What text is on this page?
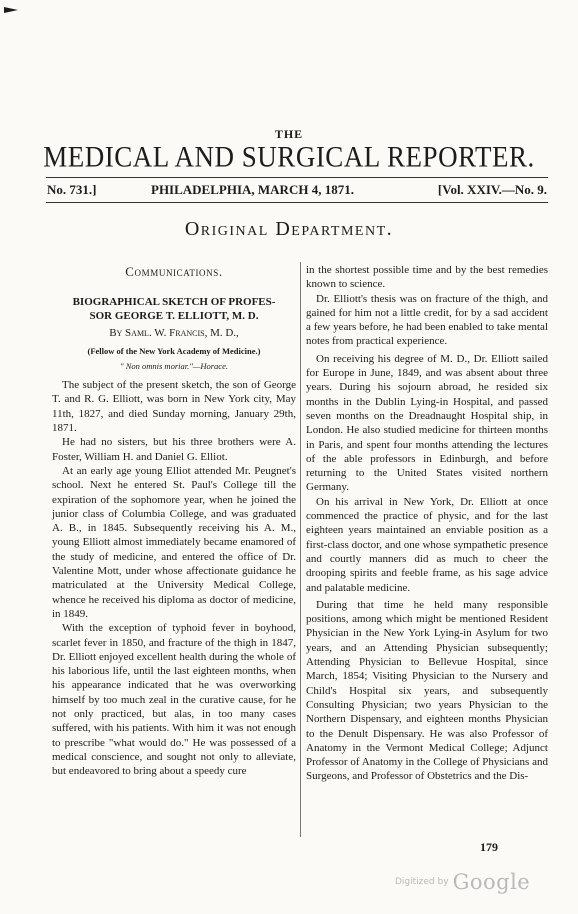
THE
MEDICAL AND SURGICAL REPORTER.
No. 731.]	PHILADELPHIA, MARCH 4, 1871.	[Vol. XXIV.—No. 9.
Original Department.
Communications.
BIOGRAPHICAL SKETCH OF PROFES-
SOR GEORGE T. ELLIOTT, M. D.
By Saml. W. Francis, M. D.,
(Fellow of the New York Academy of Medicine.)
" Non omnis moriar."—Horace.

The subject of the present sketch, the son of George T. and R. G. Elliott, was born in New York city, May 11th, 1827, and died Sunday morning, January 29th, 1871.

He had no sisters, but his three brothers were A. Foster, William H. and Daniel G. Elliot.

At an early age young Elliot attended Mr. Peugnet's school. Next he entered St. Paul's College till the expiration of the sophomore year, when he joined the junior class of Columbia College, and was graduated A. B., in 1845. Subsequently receiving his A. M., young Elliott almost immediately became enamored of the study of medicine, and entered the office of Dr. Valentine Mott, under whose affectionate guidance he matriculated at the University Medical College, whence he received his diploma as doctor of medicine, in 1849.

With the exception of typhoid fever in boyhood, scarlet fever in 1850, and fracture of the thigh in 1847, Dr. Elliott enjoyed excellent health during the whole of his laborious life, until the last eighteen months, when his appearance indicated that he was overworking himself by too much zeal in the curative cause, for he not only practiced, but alas, in too many cases suffered, with his patients. With him it was not enough to prescribe "what would do." He was possessed of a medical conscience, and sought not only to alleviate, but endeavored to bring about a speedy cure

in the shortest possible time and by the best remedies known to science.

Dr. Elliott's thesis was on fracture of the thigh, and gained for him not a little credit, for by a sad accident a few years before, he had been enabled to take mental notes from practical experience.

On receiving his degree of M. D., Dr. Elliott sailed for Europe in June, 1849, and was absent about three years. During his sojourn abroad, he resided six months in the Dublin Lying-in Hospital, and passed seven months on the Dreadnaught Hospital ship, in London. He also studied medicine for thirteen months in Paris, and spent four months attending the lectures of the able professors in Edinburgh, and before returning to the United States visited northern Germany.

On his arrival in New York, Dr. Elliott at once commenced the practice of physic, and for the last eighteen years maintained an enviable position as a first-class doctor, and one whose sympathetic presence and courtly manners did as much to cheer the drooping spirits and feeble frame, as his sage advice and palatable medicine.

During that time he held many responsible positions, among which might be mentioned Resident Physician in the New York Lying-in Asylum for two years, and an Attending Physician subsequently; Attending Physician to Bellevue Hospital, since March, 1854; Visiting Physician to the Nursery and Child's Hospital six years, and subsequently Consulting Physician; two years Physician to the Northern Dispensary, and eighteen months Physician to the Denult Dispensary. He was also Professor of Anatomy in the Vermont Medical College; Adjunct Professor of Anatomy in the College of Physicians and Surgeons, and Professor of Obstetrics and the Dis-

179
Digitized by Google
